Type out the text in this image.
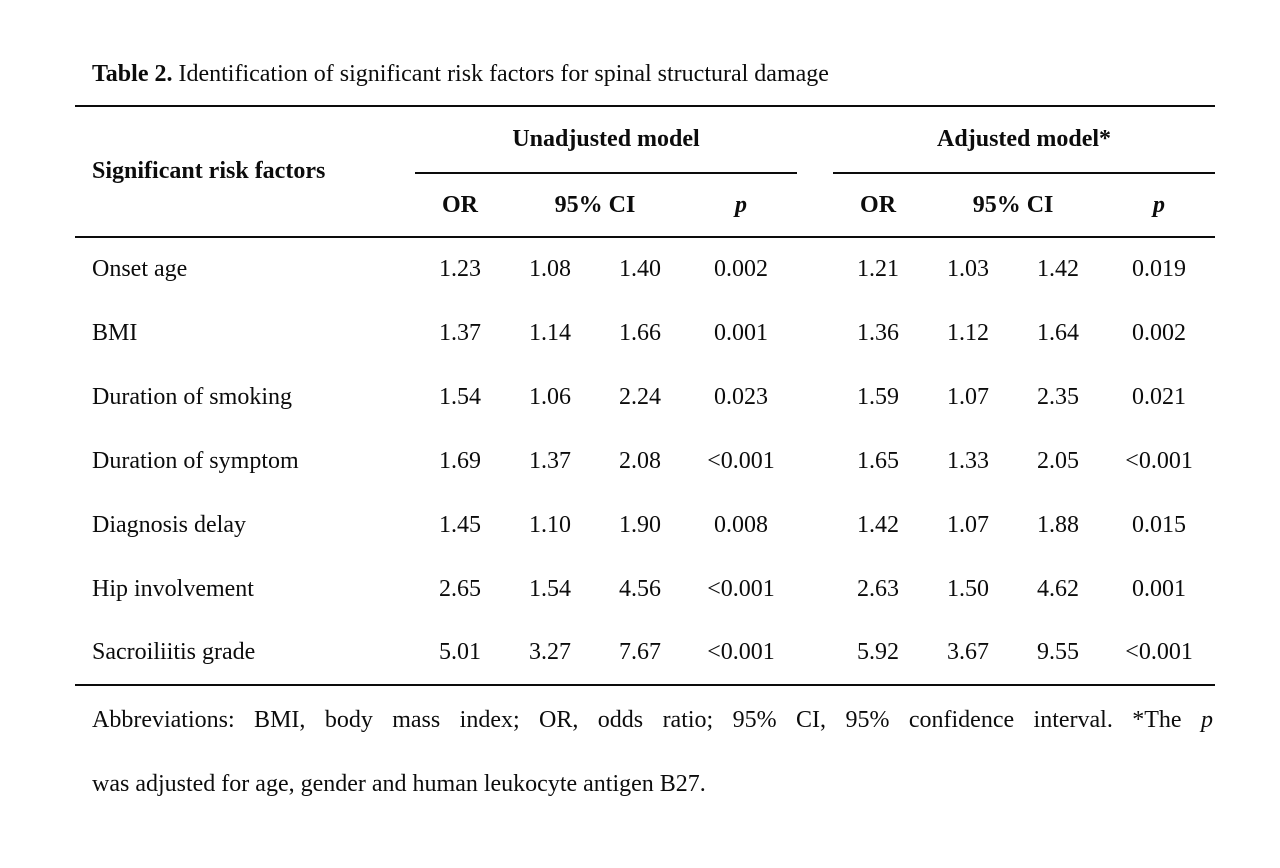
Table 2. Identification of significant risk factors for spinal structural damage

Significant risk factors	Unadjusted model					Adjusted model*			
	OR	95% CI		p		OR	95% CI		p
Onset age	1.23	1.08	1.40	0.002		1.21	1.03	1.42	0.019
BMI	1.37	1.14	1.66	0.001		1.36	1.12	1.64	0.002
Duration of smoking	1.54	1.06	2.24	0.023		1.59	1.07	2.35	0.021
Duration of symptom	1.69	1.37	2.08	<0.001		1.65	1.33	2.05	<0.001
Diagnosis delay	1.45	1.10	1.90	0.008		1.42	1.07	1.88	0.015
Hip involvement	2.65	1.54	4.56	<0.001		2.63	1.50	4.62	0.001
Sacroiliitis grade	5.01	3.27	7.67	<0.001		5.92	3.67	9.55	<0.001
Abbreviations: BMI, body mass index; OR, odds ratio; 95% CI, 95% confidence interval. *The p
was adjusted for age, gender and human leukocyte antigen B27.
